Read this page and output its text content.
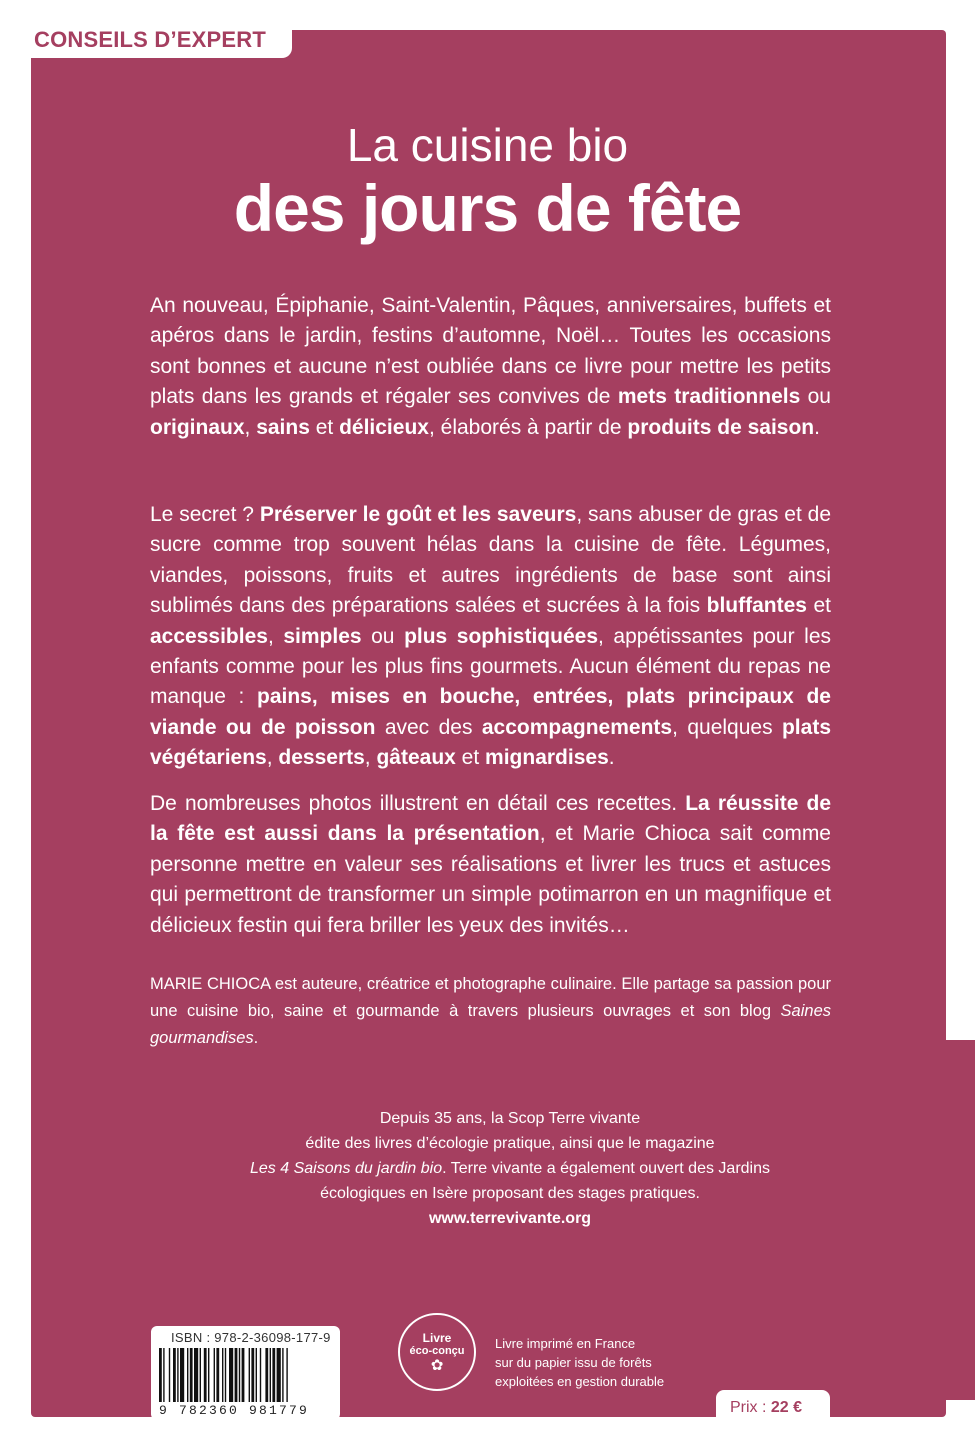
CONSEILS D’EXPERT
La cuisine bio
des jours de fête

An nouveau, Épiphanie, Saint-Valentin, Pâques, anniversaires, buffets et apéros dans le jardin, festins d’automne, Noël… Toutes les occasions sont bonnes et aucune n’est oubliée dans ce livre pour mettre les petits plats dans les grands et régaler ses convives de mets traditionnels ou originaux, sains et délicieux, élaborés à partir de produits de saison.

Le secret ? Préserver le goût et les saveurs, sans abuser de gras et de sucre comme trop souvent hélas dans la cuisine de fête. Légumes, viandes, poissons, fruits et autres ingrédients de base sont ainsi sublimés dans des préparations salées et sucrées à la fois bluffantes et accessibles, simples ou plus sophistiquées, appétissantes pour les enfants comme pour les plus fins gourmets. Aucun élément du repas ne manque : pains, mises en bouche, entrées, plats principaux de viande ou de poisson avec des accompagnements, quelques plats végétariens, desserts, gâteaux et mignardises.

De nombreuses photos illustrent en détail ces recettes. La réussite de la fête est aussi dans la présentation, et Marie Chioca sait comme personne mettre en valeur ses réalisations et livrer les trucs et astuces qui permettront de transformer un simple potimarron en un magnifique et délicieux festin qui fera briller les yeux des invités…

MARIE CHIOCA est auteure, créatrice et photographe culinaire. Elle partage sa passion pour une cuisine bio, saine et gourmande à travers plusieurs ouvrages et son blog Saines gourmandises.
Depuis 35 ans, la Scop Terre vivante
édite des livres d’écologie pratique, ainsi que le magazine
Les 4 Saisons du jardin bio. Terre vivante a également ouvert des Jardins
écologiques en Isère proposant des stages pratiques.
www.terrevivante.org
ISBN : 978-2-36098-177-9
9 782360 981779
Livre
éco-conçu
✿
Livre imprimé en France
sur du papier issu de forêts
exploitées en gestion durable
Prix : 22 €
